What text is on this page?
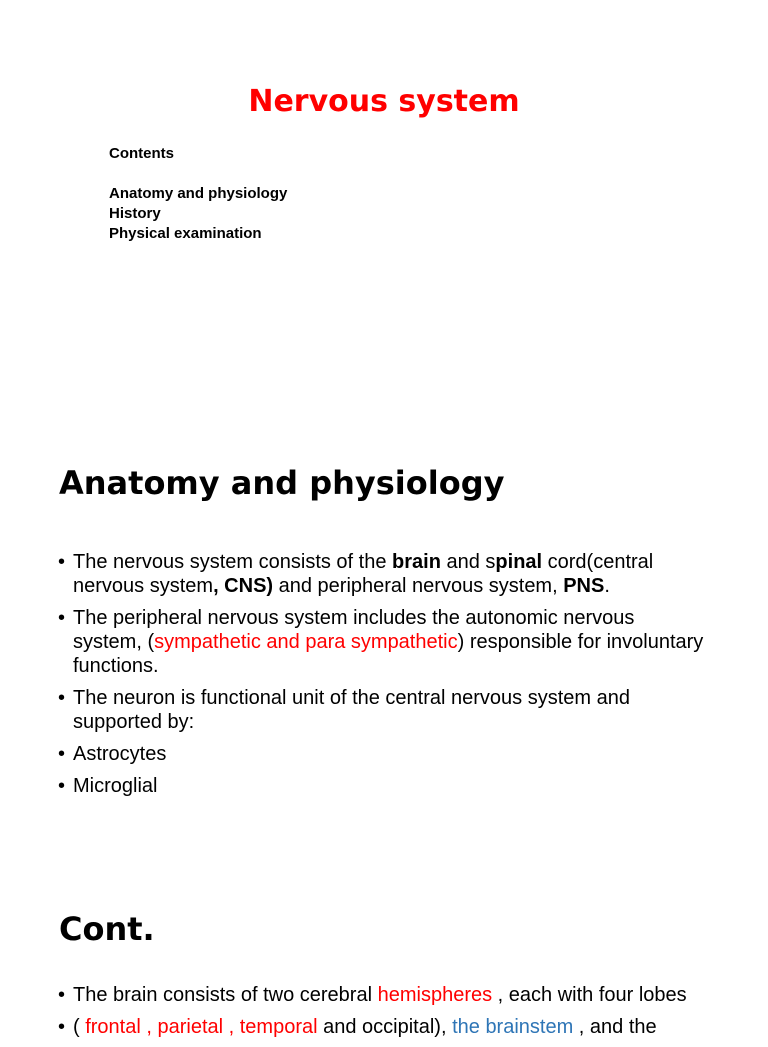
Nervous system
Contents
Anatomy and physiology
History
Physical examination
Anatomy and physiology
• The nervous system consists of the brain and spinal cord(central nervous system, CNS) and peripheral nervous system, PNS.
• The peripheral nervous system includes the autonomic nervous system, (sympathetic and para sympathetic) responsible for involuntary functions.
• The neuron is functional unit of the central nervous system and supported by:
• Astrocytes
• Microglial
Cont.
• The brain consists of two cerebral hemispheres , each with four lobes
• ( frontal , parietal , temporal and occipital), the brainstem , and the
